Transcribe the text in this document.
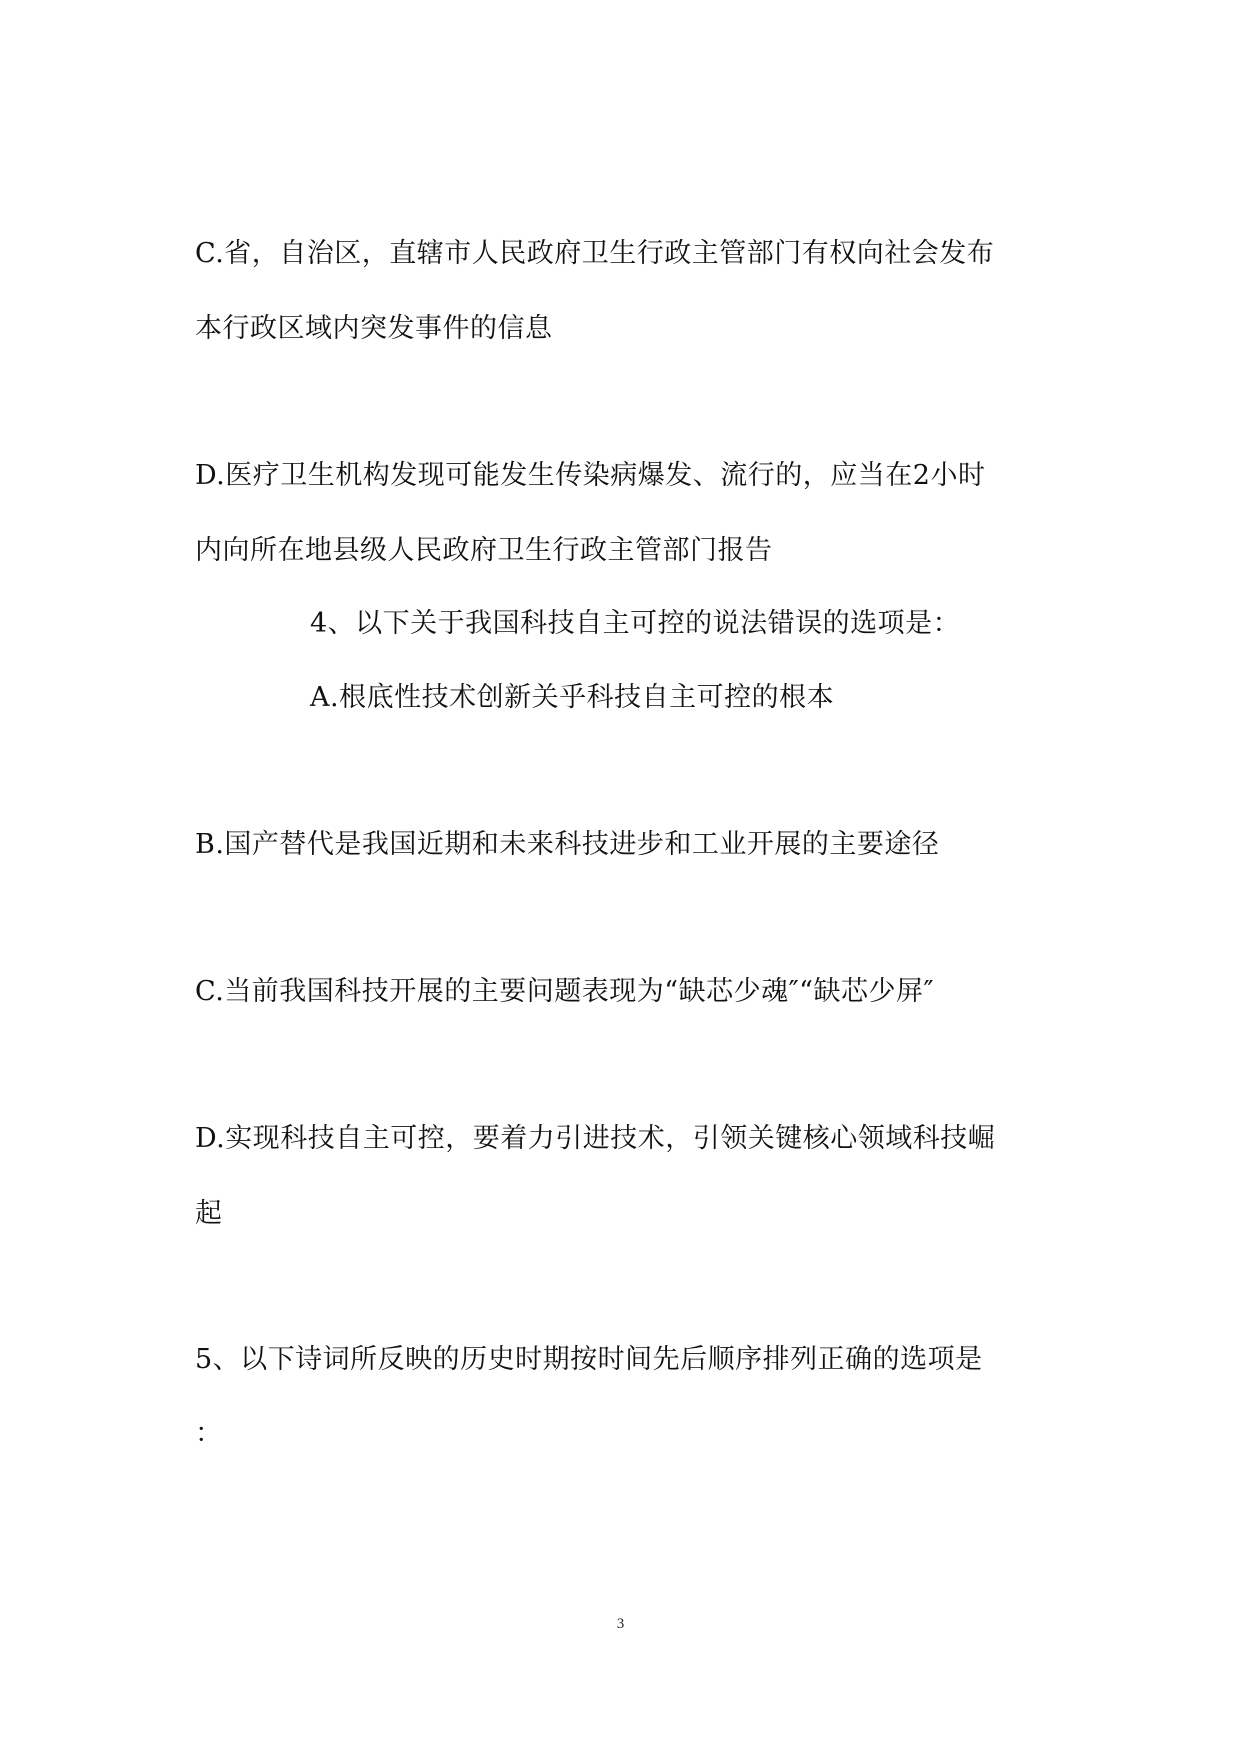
C.省，自治区，直辖市人民政府卫生行政主管部门有权向社会发布
本行政区域内突发事件的信息
D.医疗卫生机构发现可能发生传染病爆发、流行的，应当在2小时
内向所在地县级人民政府卫生行政主管部门报告
4、以下关于我国科技自主可控的说法错误的选项是：
A.根底性技术创新关乎科技自主可控的根本
B.国产替代是我国近期和未来科技进步和工业开展的主要途径
C.当前我国科技开展的主要问题表现为“缺芯少魂″“缺芯少屏″
D.实现科技自主可控，要着力引进技术，引领关键核心领域科技崛
起
5、以下诗词所反映的历史时期按时间先后顺序排列正确的选项是
：
3
